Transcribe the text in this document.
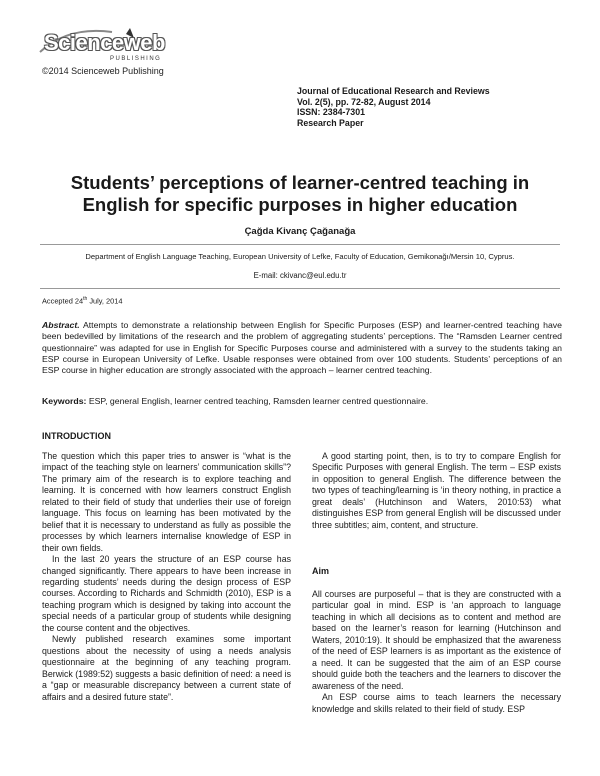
Scienceweb
PUBLISHING
©2014 Scienceweb Publishing
Journal of Educational Research and Reviews
Vol. 2(5), pp. 72-82, August 2014
ISSN: 2384-7301
Research Paper
Students’ perceptions of learner-centred teaching in English for specific purposes in higher education
Çağda Kivanç Çağanağa
Department of English Language Teaching, European University of Lefke, Faculty of Education, Gemikonağı/Mersin 10, Cyprus.
E-mail: ckivanc@eul.edu.tr
Accepted 24th July, 2014
Abstract. Attempts to demonstrate a relationship between English for Specific Purposes (ESP) and learner-centred teaching have been bedevilled by limitations of the research and the problem of aggregating students’ perceptions. The “Ramsden Learner centred questionnaire” was adapted for use in English for Specific Purposes course and administered with a survey to the students taking an ESP course in European University of Lefke. Usable responses were obtained from over 100 students. Students’ perceptions of an ESP course in higher education are strongly associated with the approach – learner centred teaching.
Keywords: ESP, general English, learner centred teaching, Ramsden learner centred questionnaire.
INTRODUCTION

The question which this paper tries to answer is “what is the impact of the teaching style on learners’ communication skills”? The primary aim of the research is to explore teaching and learning. It is concerned with how learners construct English related to their field of study that underlies their use of foreign language. This focus on learning has been motivated by the belief that it is necessary to understand as fully as possible the processes by which learners internalise knowledge of ESP in their own fields.

In the last 20 years the structure of an ESP course has changed significantly. There appears to have been increase in regarding students’ needs during the design process of ESP courses. According to Richards and Schmidth (2010), ESP is a teaching program which is designed by taking into account the special needs of a particular group of students while designing the course content and the objectives.

Newly published research examines some important questions about the necessity of using a needs analysis questionnaire at the beginning of any teaching program. Berwick (1989:52) suggests a basic definition of need: a need is a “gap or measurable discrepancy between a current state of affairs and a desired future state”.

A good starting point, then, is to try to compare English for Specific Purposes with general English. The term – ESP exists in opposition to general English. The difference between the two types of teaching/learning is ‘in theory nothing, in practice a great deals’ (Hutchinson and Waters, 2010:53) what distinguishes ESP from general English will be discussed under three subtitles; aim, content, and structure.

Aim

All courses are purposeful – that is they are constructed with a particular goal in mind. ESP is ‘an approach to language teaching in which all decisions as to content and method are based on the learner’s reason for learning (Hutchinson and Waters, 2010:19). It should be emphasized that the awareness of the need of ESP learners is as important as the existence of a need. It can be suggested that the aim of an ESP course should guide both the teachers and the learners to discover the awareness of the need.

An ESP course aims to teach learners the necessary knowledge and skills related to their field of study. ESP
